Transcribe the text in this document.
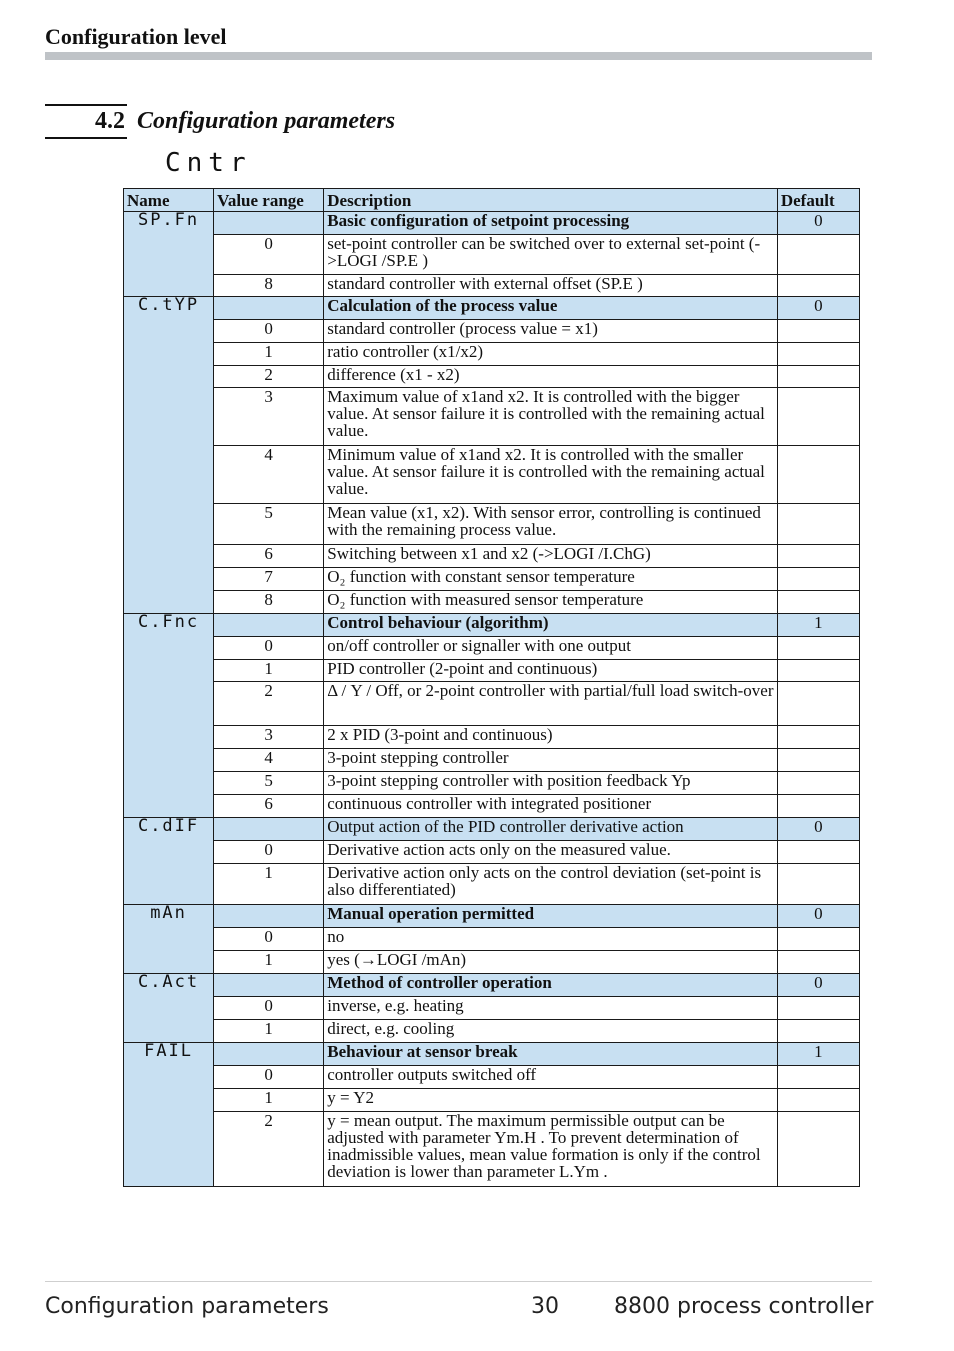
Configuration level
4.2 Configuration parameters
Cntr
Name	Value range	Description	Default
SP.Fn		Basic configuration of setpoint processing	0
	0	set-point controller can be switched over to external set-point (->LOGI /SP.E )	
	8	standard controller with external offset (SP.E )	
C.tYP		Calculation of the process value	0
	0	standard controller (process value = x1)	
	1	ratio controller (x1/x2)	
	2	difference (x1 - x2)	
	3	Maximum value of x1and x2. It is controlled with the bigger value. At sensor failure it is controlled with the remaining actual value.	
	4	Minimum value of x1and x2. It is controlled with the smaller value. At sensor failure it is controlled with the remaining actual value.	
	5	Mean value (x1, x2). With sensor error, controlling is continued with the remaining process value.	
	6	Switching between x1 and x2 (->LOGI /I.ChG)	
	7	O₂ function with constant sensor temperature	
	8	O₂ function with measured sensor temperature	
C.Fnc		Control behaviour (algorithm)	1
	0	on/off controller or signaller with one output	
	1	PID controller (2-point and continuous)	
	2	Δ / Y / Off, or 2-point controller with partial/full load switch-over	
	3	2 x PID (3-point and continuous)	
	4	3-point stepping controller	
	5	3-point stepping controller with position feedback Yp	
	6	continuous controller with integrated positioner	
C.dIF		Output action of the PID controller derivative action	0
	0	Derivative action acts only on the measured value.	
	1	Derivative action only acts on the control deviation (set-point is also differentiated)	
mAn		Manual operation permitted	0
	0	no	
	1	yes (→LOGI /mAn)	
C.Act		Method of controller operation	0
	0	inverse, e.g. heating	
	1	direct, e.g. cooling	
FAIL		Behaviour at sensor break	1
	0	controller outputs switched off	
	1	y = Y2	
	2	y = mean output. The maximum permissible output can be adjusted with parameter Ym.H . To prevent determination of inadmissible values, mean value formation is only if the control deviation is lower than parameter L.Ym .	
Configuration parameters	30	8800 process controller
